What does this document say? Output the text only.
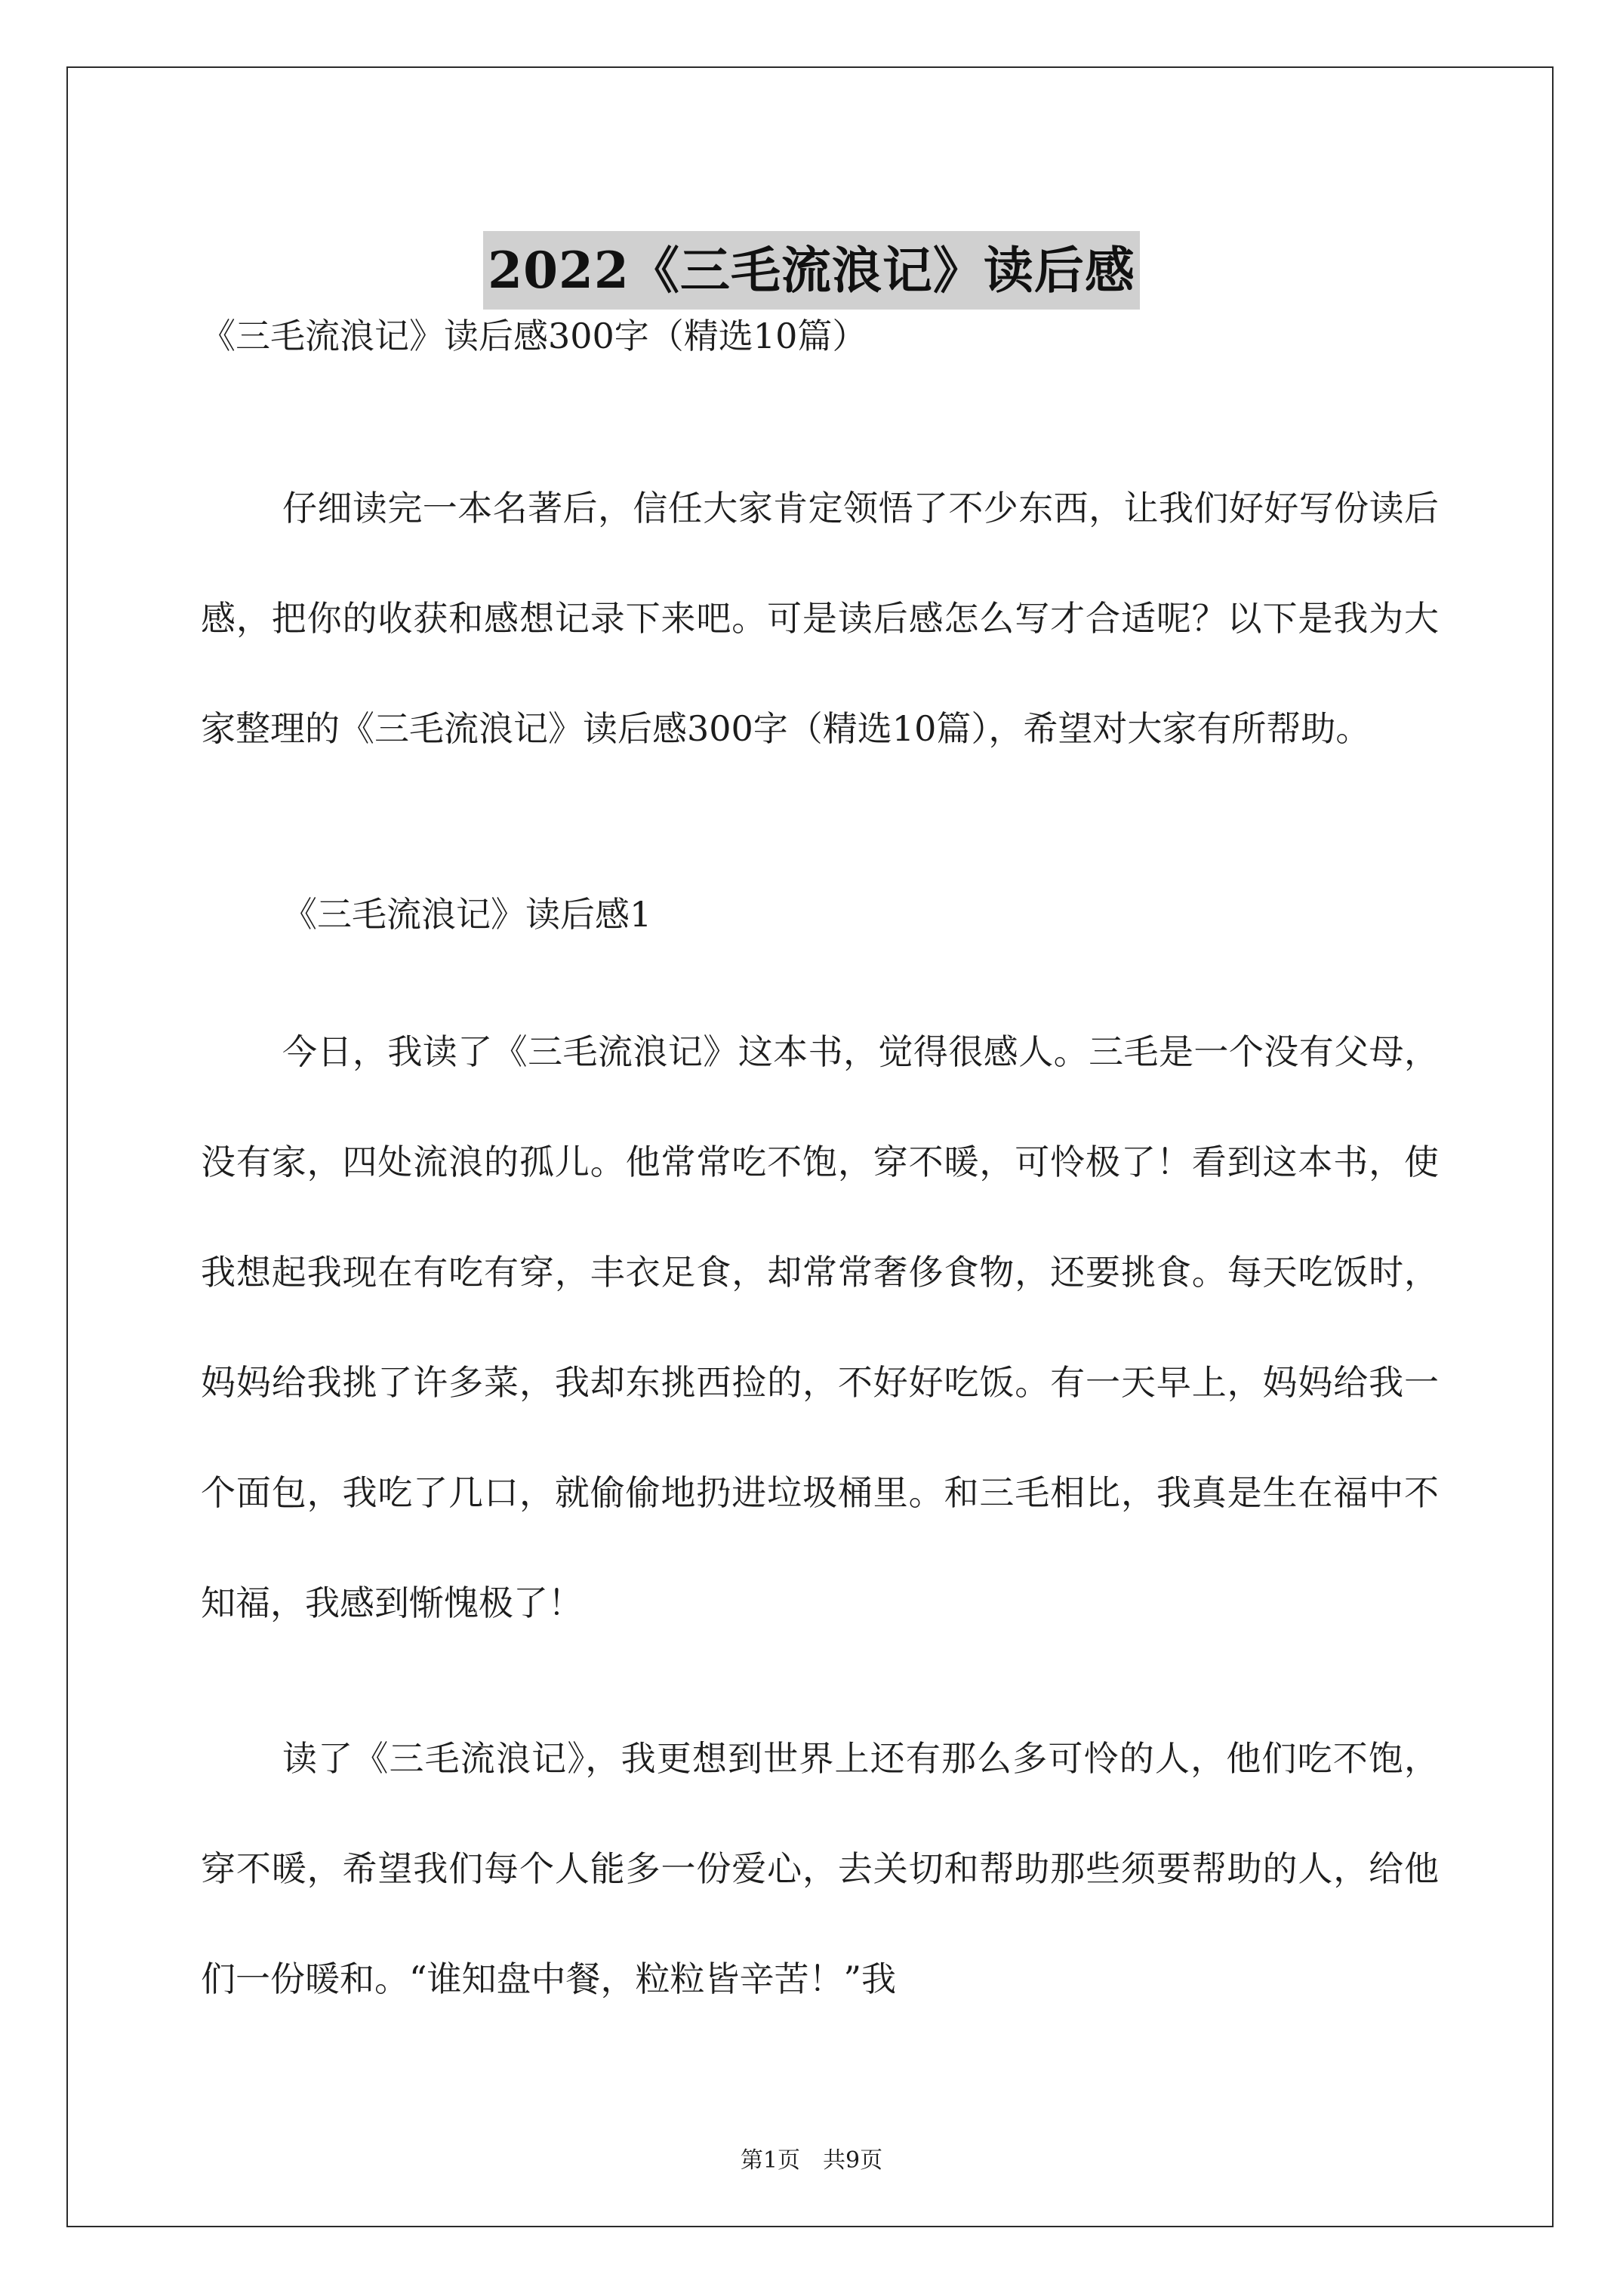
2022《三毛流浪记》读后感

《三毛流浪记》读后感300字（精选10篇）

仔细读完一本名著后，信任大家肯定领悟了不少东西，让我们好好写份读后感，把你的收获和感想记录下来吧。可是读后感怎么写才合适呢？以下是我为大家整理的《三毛流浪记》读后感300字（精选10篇），希望对大家有所帮助。

《三毛流浪记》读后感1

今日，我读了《三毛流浪记》这本书，觉得很感人。三毛是一个没有父母，没有家，四处流浪的孤儿。他常常吃不饱，穿不暖，可怜极了！看到这本书，使我想起我现在有吃有穿，丰衣足食，却常常奢侈食物，还要挑食。每天吃饭时，妈妈给我挑了许多菜，我却东挑西捡的，不好好吃饭。有一天早上，妈妈给我一个面包，我吃了几口，就偷偷地扔进垃圾桶里。和三毛相比，我真是生在福中不知福，我感到惭愧极了！

读了《三毛流浪记》，我更想到世界上还有那么多可怜的人，他们吃不饱，穿不暖，希望我们每个人能多一份爱心，去关切和帮助那些须要帮助的人，给他们一份暖和。“谁知盘中餐，粒粒皆辛苦！”我

第1页　共9页
